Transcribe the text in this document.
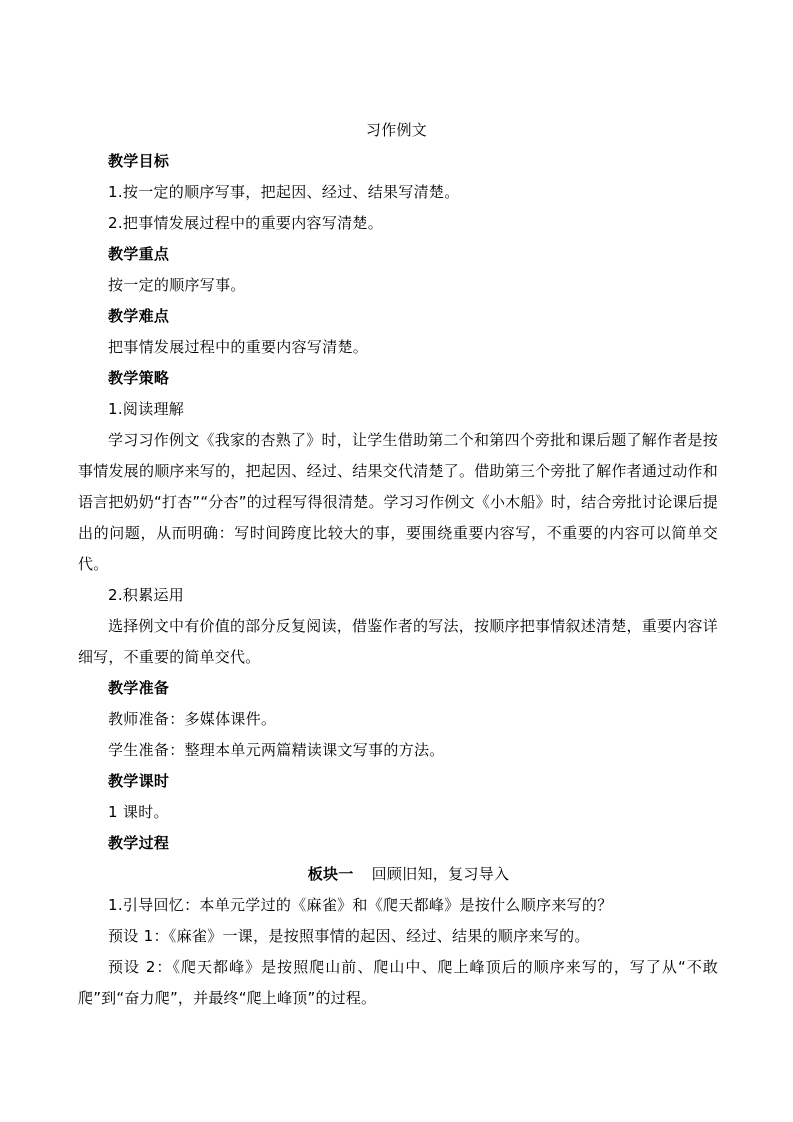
习作例文
教学目标
1.按一定的顺序写事，把起因、经过、结果写清楚。
2.把事情发展过程中的重要内容写清楚。
教学重点
按一定的顺序写事。
教学难点
把事情发展过程中的重要内容写清楚。
教学策略
1.阅读理解
学习习作例文《我家的杏熟了》时，让学生借助第二个和第四个旁批和课后题了解作者是按事情发展的顺序来写的，把起因、经过、结果交代清楚了。借助第三个旁批了解作者通过动作和语言把奶奶“打杏”“分杏”的过程写得很清楚。学习习作例文《小木船》时，结合旁批讨论课后提出的问题，从而明确：写时间跨度比较大的事，要围绕重要内容写，不重要的内容可以简单交代。
2.积累运用
选择例文中有价值的部分反复阅读，借鉴作者的写法，按顺序把事情叙述清楚，重要内容详细写，不重要的简单交代。
教学准备
教师准备：多媒体课件。
学生准备：整理本单元两篇精读课文写事的方法。
教学课时
1 课时。
教学过程
板块一 回顾旧知，复习导入
1.引导回忆：本单元学过的《麻雀》和《爬天都峰》是按什么顺序来写的？
预设 1：《麻雀》一课，是按照事情的起因、经过、结果的顺序来写的。
预设 2：《爬天都峰》是按照爬山前、爬山中、爬上峰顶后的顺序来写的，写了从“不敢爬”到“奋力爬”，并最终“爬上峰顶”的过程。
